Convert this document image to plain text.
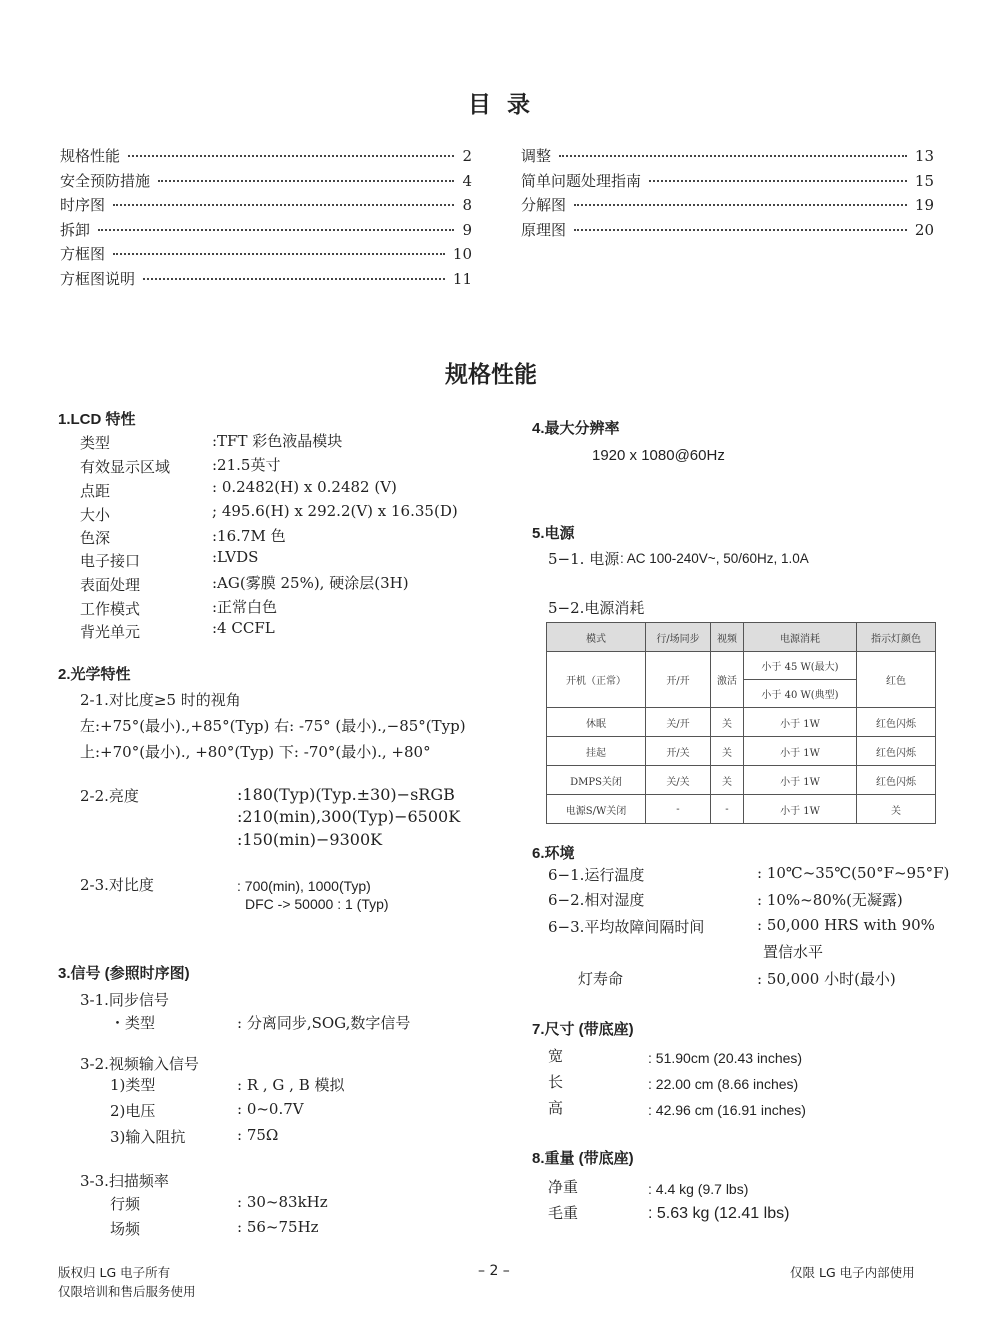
目 录
规格性能	2
安全预防措施	4
时序图	8
拆卸	9
方框图	10
方框图说明	11
调整	13
简单问题处理指南	15
分解图	19
原理图	20
规格性能
1.LCD 特性
类型	:TFT 彩色液晶模块
有效显示区域	:21.5英寸
点距	: 0.2482(H) x 0.2482 (V)
大小	; 495.6(H) x 292.2(V) x 16.35(D)
色深	:16.7M 色
电子接口	:LVDS
表面处理	:AG(雾膜 25%), 硬涂层(3H)
工作模式	:正常白色
背光单元	:4 CCFL
2.光学特性
2-1.对比度≥5 时的视角
左:+75°(最小).,+85°(Typ) 右: -75° (最小).,−85°(Typ)
上:+70°(最小)., +80°(Typ) 下: -70°(最小)., +80°
2-2.亮度	:180(Typ)(Typ.±30)−sRGB
:210(min),300(Typ)−6500K
:150(min)−9300K
2-3.对比度	: 700(min), 1000(Typ)
DFC -> 50000 : 1 (Typ)
3.信号 (参照时序图)
3-1.同步信号
・类型	: 分离同步,SOG,数字信号
3-2.视频输入信号
1)类型	: R , G , B 模拟
2)电压	: 0~0.7V
3)输入阻抗	: 75Ω
3-3.扫描频率
行频	: 30~83kHz
场频	: 56~75Hz
4.最大分辨率
1920 x 1080@60Hz
5.电源
5−1. 电源 : AC 100-240V~, 50/60Hz, 1.0A
5−2.电源消耗
模式	行/场同步	视频	电源消耗	指示灯颜色
开机（正常）	开/开	激活	小于 45 W(最大)	红色
			小于 40 W(典型)	
休眠	关/开	关	小于 1W	红色闪烁
挂起	开/关	关	小于 1W	红色闪烁
DMPS关闭	关/关	关	小于 1W	红色闪烁
电源S/W关闭	-	-	小于 1W	关
6.环境
6−1.运行温度	: 10℃~35℃(50°F~95°F)
6−2.相对湿度	: 10%~80%(无凝露)
6−3.平均故障间隔时间	: 50,000 HRS with 90%
置信水平
灯寿命	: 50,000 小时(最小)
7.尺寸 (带底座)
宽	: 51.90cm (20.43 inches)
长	: 22.00 cm (8.66 inches)
高	: 42.96 cm (16.91 inches)
8.重量 (带底座)
净重	: 4.4 kg (9.7 lbs)
毛重	: 5.63 kg (12.41 lbs)
版权归 LG 电子所有
仅限培训和售后服务使用
– 2 –	仅限 LG 电子内部使用
